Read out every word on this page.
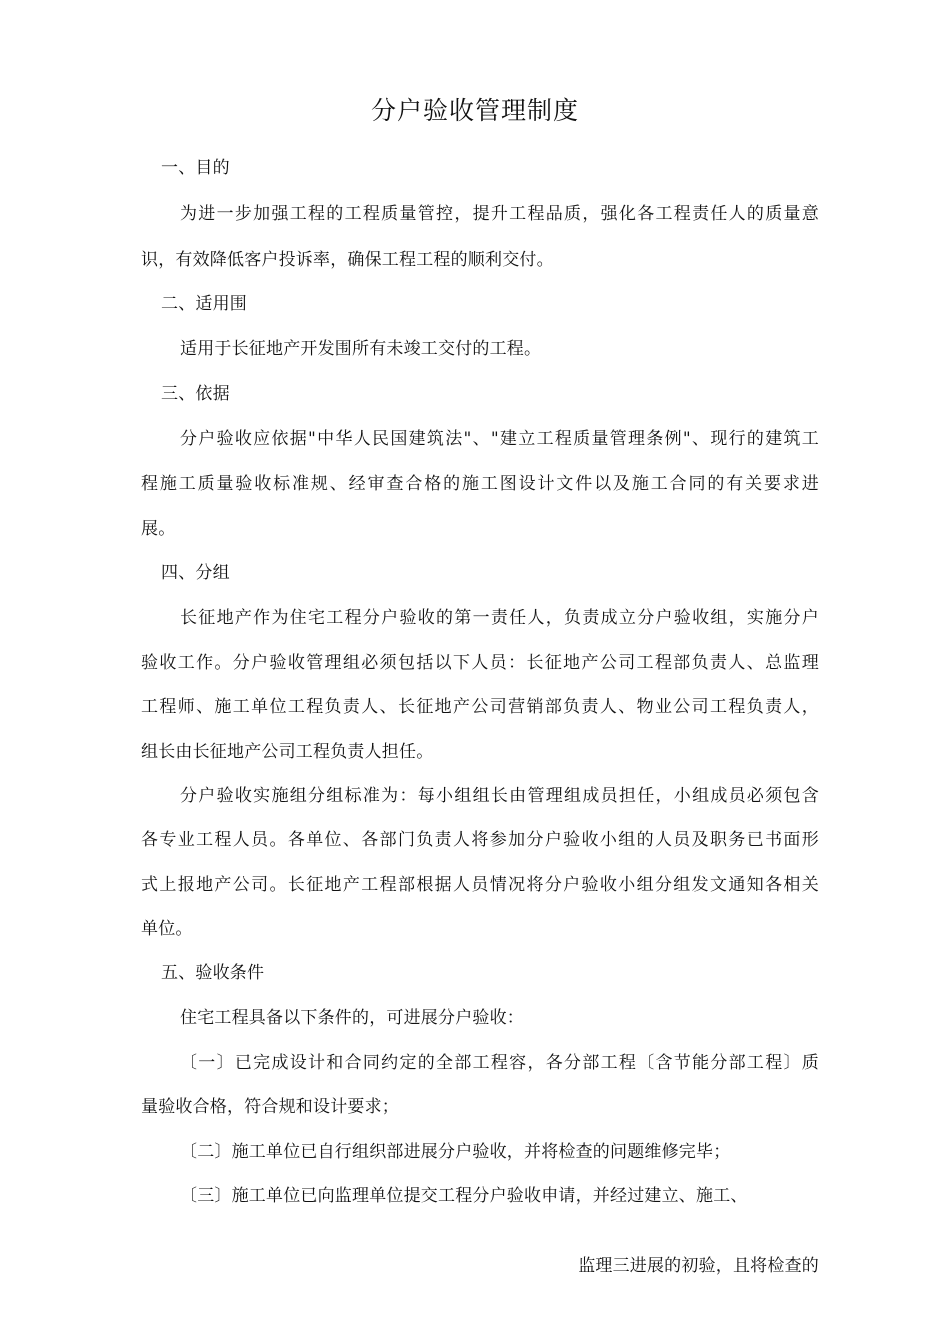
分户验收管理制度
一、目的
为进一步加强工程的工程质量管控，提升工程品质，强化各工程责任人的质量意
识，有效降低客户投诉率，确保工程工程的顺利交付。
二、适用围
适用于长征地产开发围所有未竣工交付的工程。
三、依据
分户验收应依据"中华人民国建筑法"、"建立工程质量管理条例"、现行的建筑工
程施工质量验收标准规、经审查合格的施工图设计文件以及施工合同的有关要求进
展。
四、分组
长征地产作为住宅工程分户验收的第一责任人，负责成立分户验收组，实施分户
验收工作。分户验收管理组必须包括以下人员：长征地产公司工程部负责人、总监理
工程师、施工单位工程负责人、长征地产公司营销部负责人、物业公司工程负责人，
组长由长征地产公司工程负责人担任。
分户验收实施组分组标准为：每小组组长由管理组成员担任，小组成员必须包含
各专业工程人员。各单位、各部门负责人将参加分户验收小组的人员及职务已书面形
式上报地产公司。长征地产工程部根据人员情况将分户验收小组分组发文通知各相关
单位。
五、验收条件
住宅工程具备以下条件的，可进展分户验收：
〔一〕已完成设计和合同约定的全部工程容，各分部工程〔含节能分部工程〕质
量验收合格，符合规和设计要求；
〔二〕施工单位已自行组织部进展分户验收，并将检查的问题维修完毕；
〔三〕施工单位已向监理单位提交工程分户验收申请，并经过建立、施工、
监理三进展的初验，且将检查的
